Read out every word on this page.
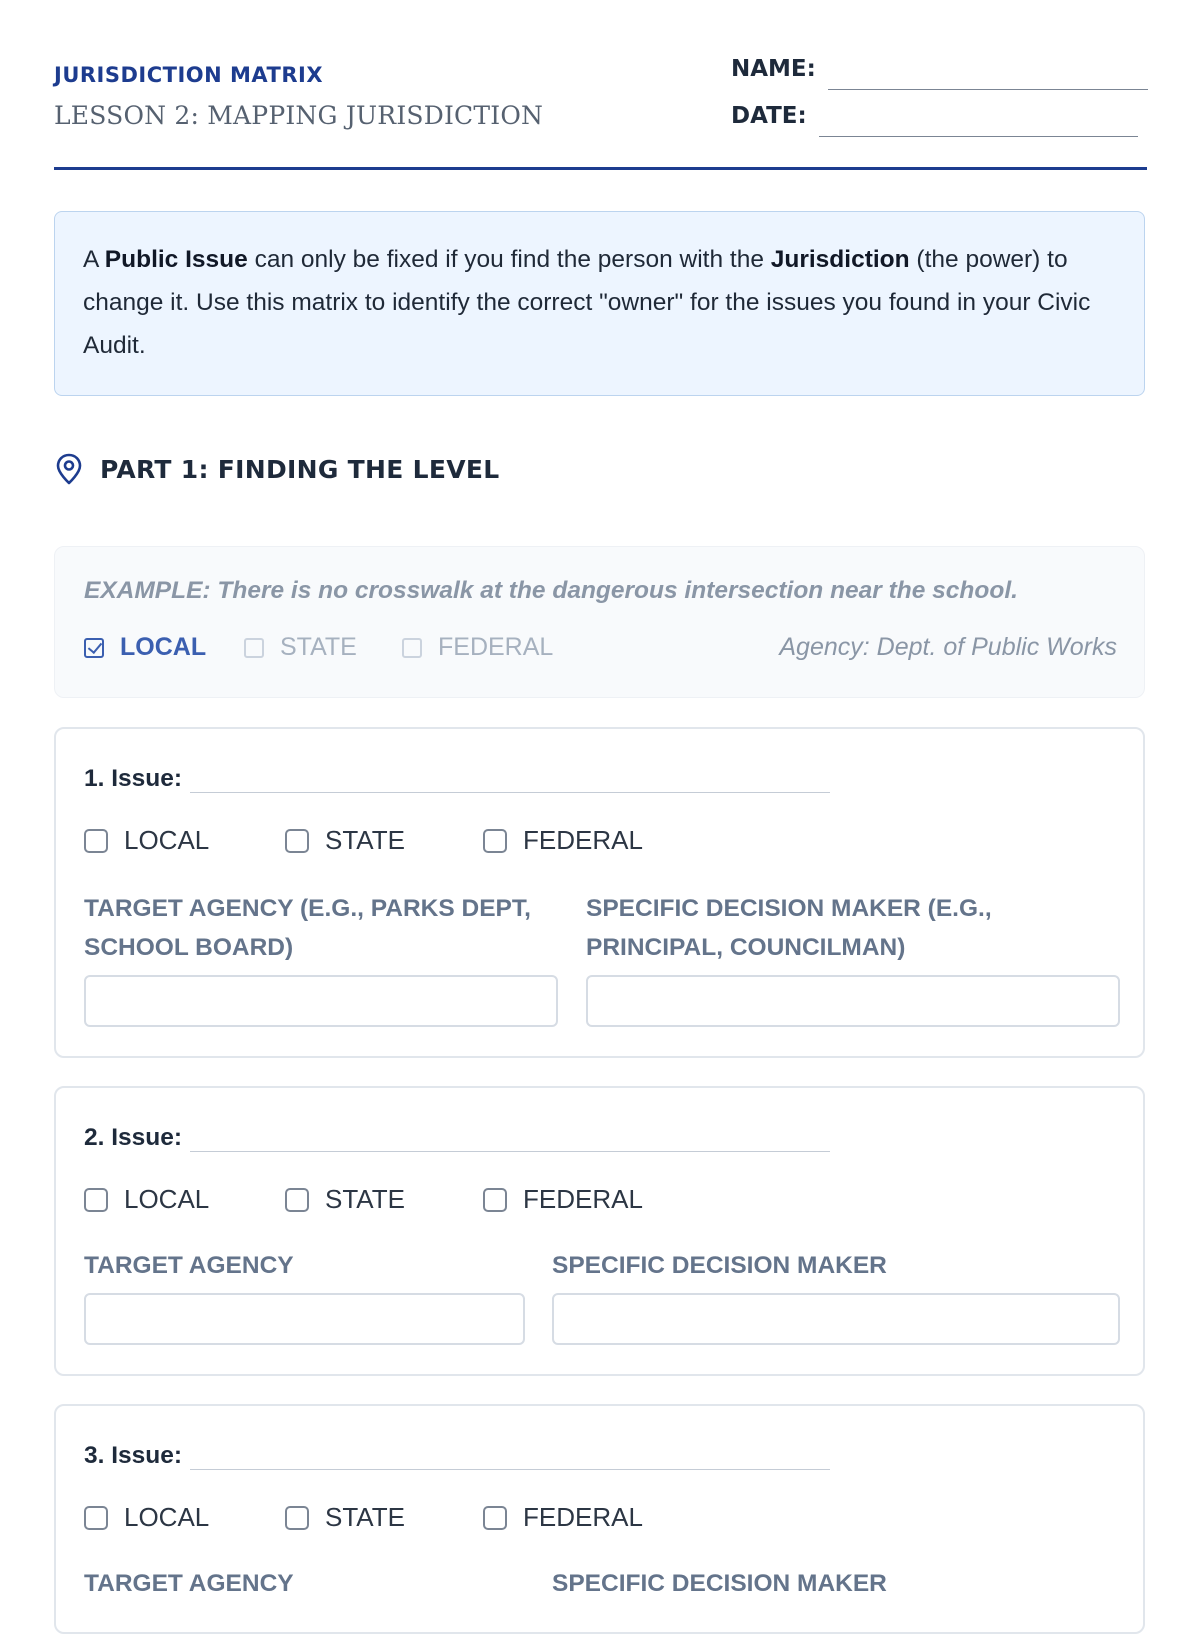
JURISDICTION MATRIX
LESSON 2: MAPPING JURISDICTION
NAME:
DATE:
A Public Issue can only be fixed if you find the person with the Jurisdiction (the power) to change it. Use this matrix to identify the correct "owner" for the issues you found in your Civic Audit.
PART 1: FINDING THE LEVEL
EXAMPLE: There is no crosswalk at the dangerous intersection near the school.
LOCAL	STATE	FEDERAL	Agency: Dept. of Public Works
1. Issue:
LOCAL	STATE	FEDERAL
TARGET AGENCY (E.G., PARKS DEPT, SCHOOL BOARD)
SPECIFIC DECISION MAKER (E.G., PRINCIPAL, COUNCILMAN)
2. Issue:
LOCAL	STATE	FEDERAL
TARGET AGENCY	SPECIFIC DECISION MAKER
3. Issue:
LOCAL	STATE	FEDERAL
TARGET AGENCY	SPECIFIC DECISION MAKER
